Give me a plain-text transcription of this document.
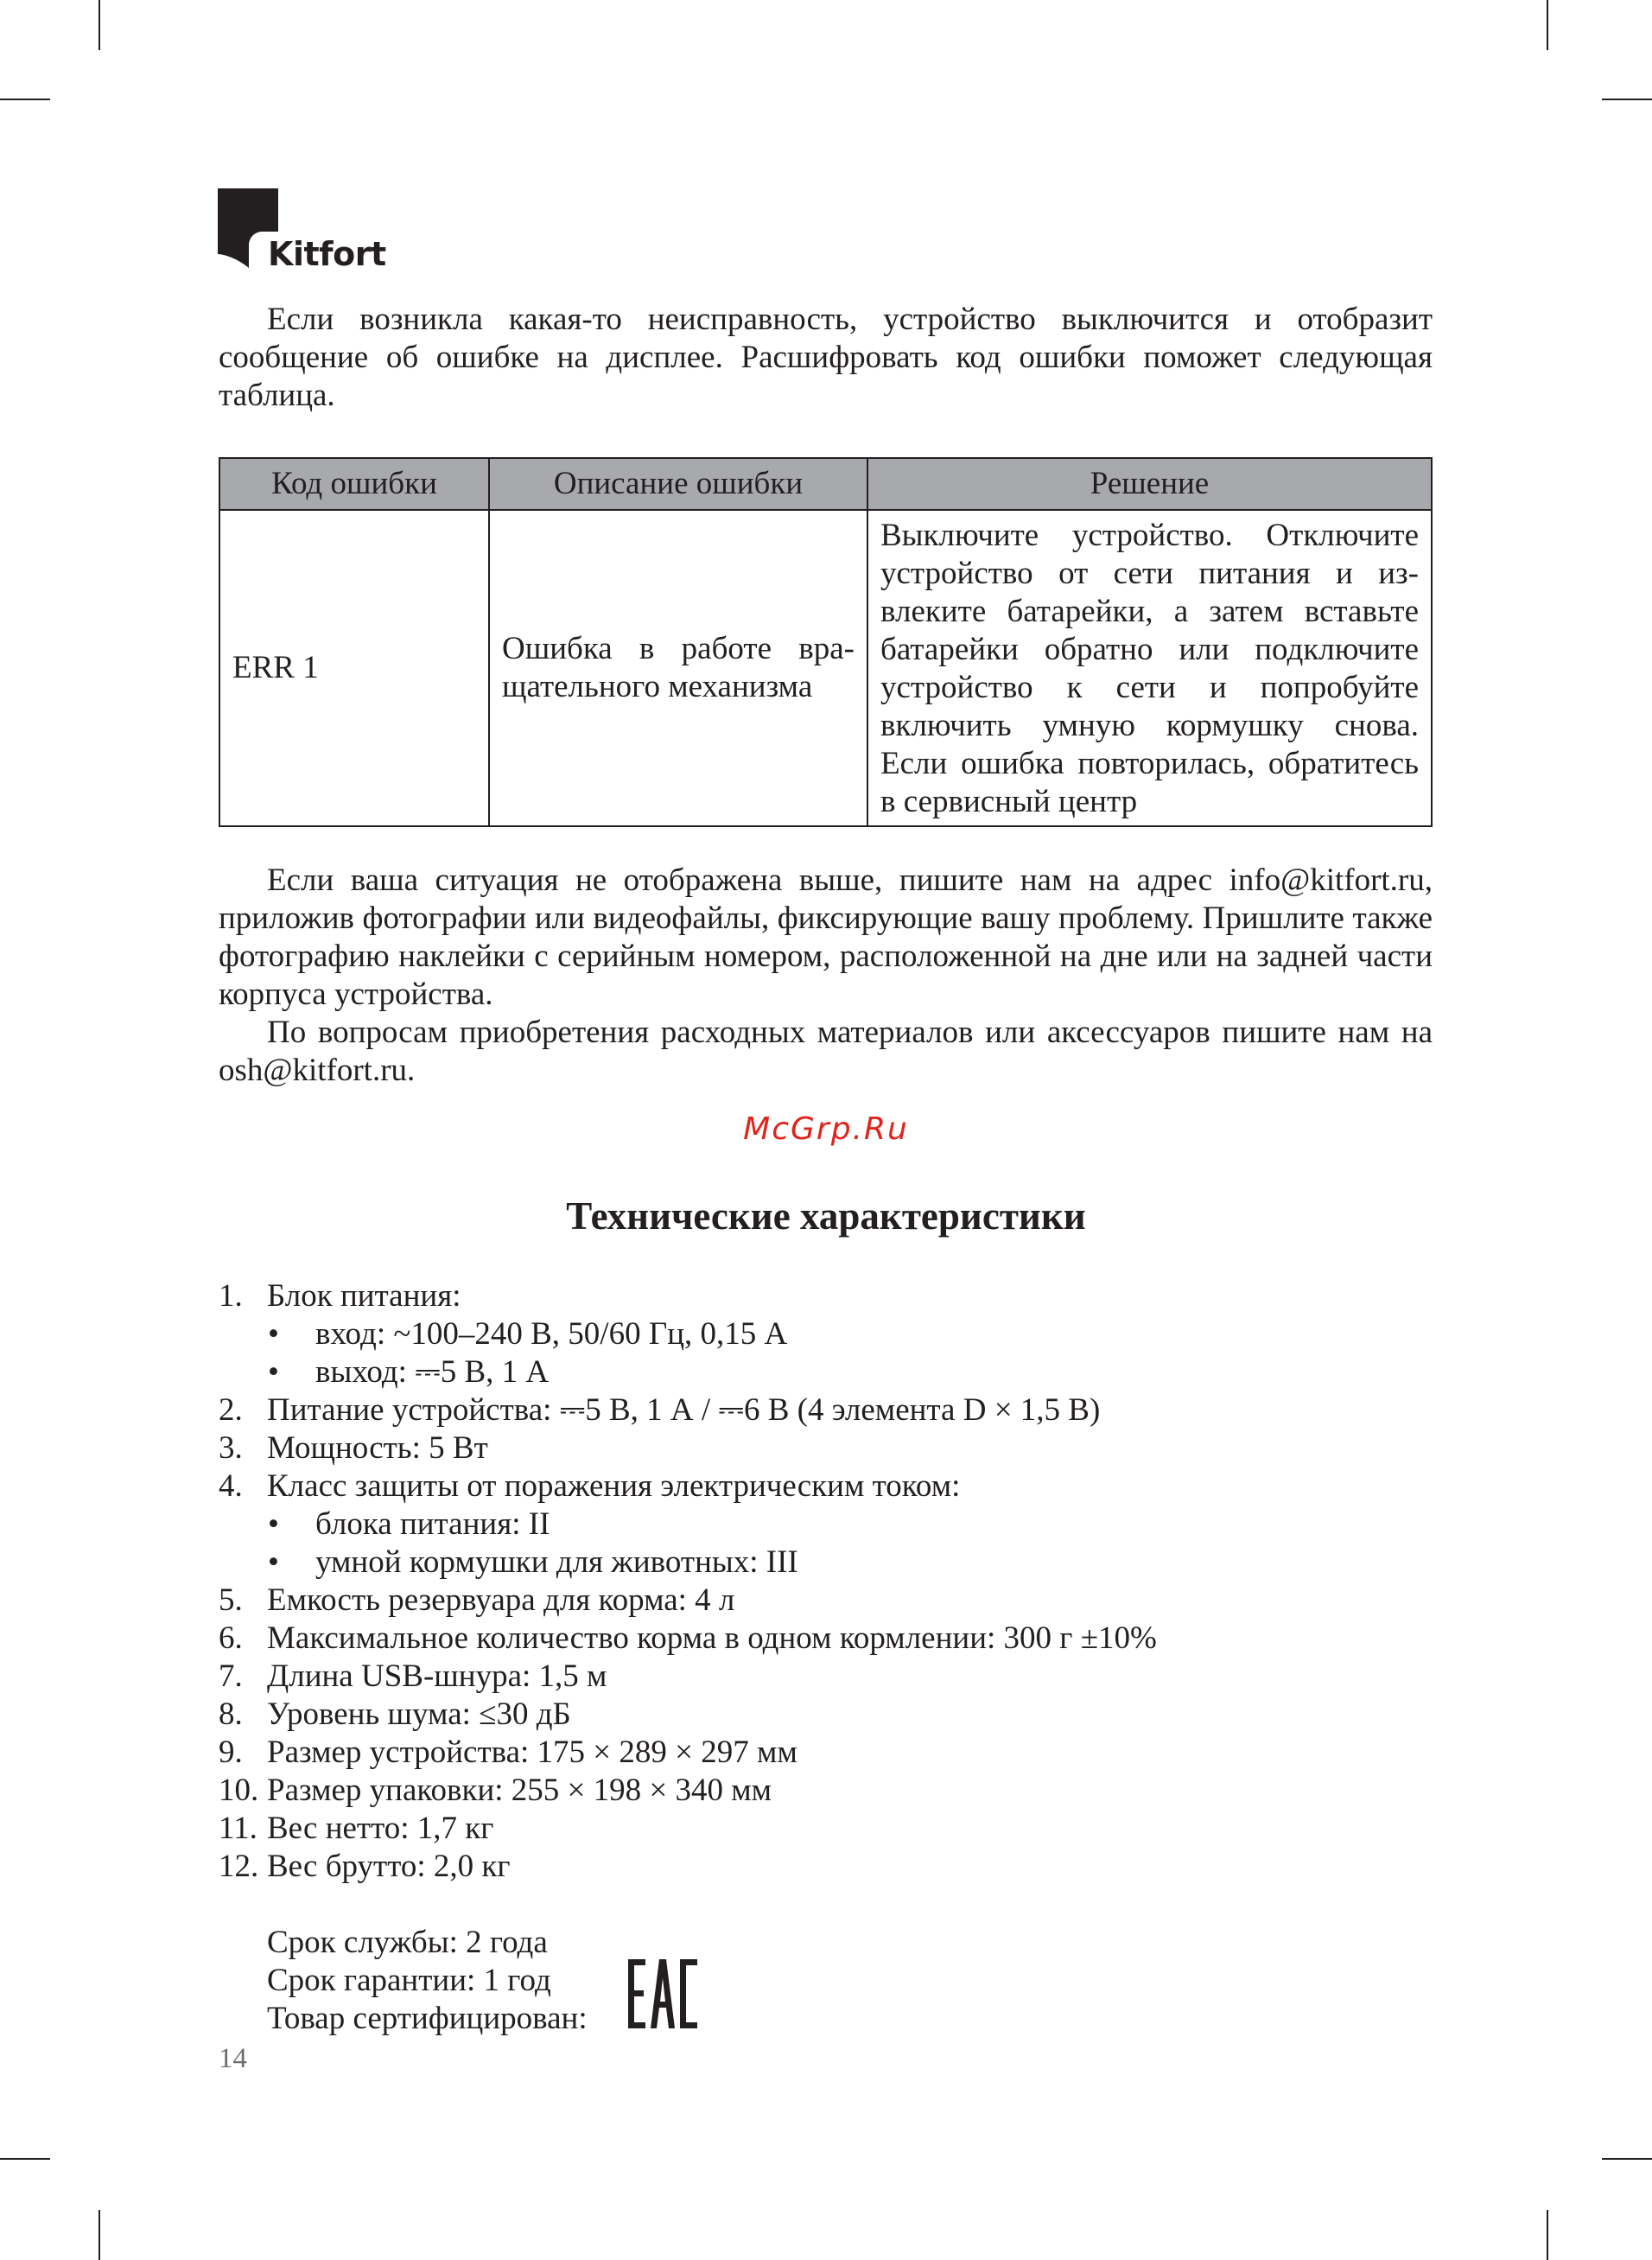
Kitfort

Если возникла какая-то неисправность, устройство выключится и отобразит сообщение об ошибке на дисплее. Расшифровать код ошибки поможет следующая таблица.

Код ошибки	Описание ошибки	Решение
ERR 1	Ошибка в работе вращательного механизма	Выключите устройство. Отключите устройство от сети питания и извлеките батарейки, а затем вставьте батарейки обратно или подключите устройство к сети и попробуйте включить умную кормушку снова. Если ошибка повторилась, обратитесь в сервисный центр

Если ваша ситуация не отображена выше, пишите нам на адрес info@kitfort.ru, приложив фотографии или видеофайлы, фиксирующие вашу проблему. Пришлите также фотографию наклейки с серийным номером, расположенной на дне или на задней части корпуса устройства.

По вопросам приобретения расходных материалов или аксессуаров пишите нам на osh@kitfort.ru.

McGrp.Ru
Технические характеристики
1. Блок питания:
• вход: ~100–240 В, 50/60 Гц, 0,15 А
• выход: ⎓5 В, 1 А
2. Питание устройства: ⎓5 В, 1 А / ⎓6 В (4 элемента D × 1,5 В)
3. Мощность: 5 Вт
4. Класс защиты от поражения электрическим током:
• блока питания: II
• умной кормушки для животных: III
5. Емкость резервуара для корма: 4 л
6. Максимальное количество корма в одном кормлении: 300 г ±10%
7. Длина USB-шнура: 1,5 м
8. Уровень шума: ≤30 дБ
9. Размер устройства: 175 × 289 × 297 мм
10. Размер упаковки: 255 × 198 × 340 мм
11. Вес нетто: 1,7 кг
12. Вес брутто: 2,0 кг
Срок службы: 2 года
Срок гарантии: 1 год
Товар сертифицирован:
14
